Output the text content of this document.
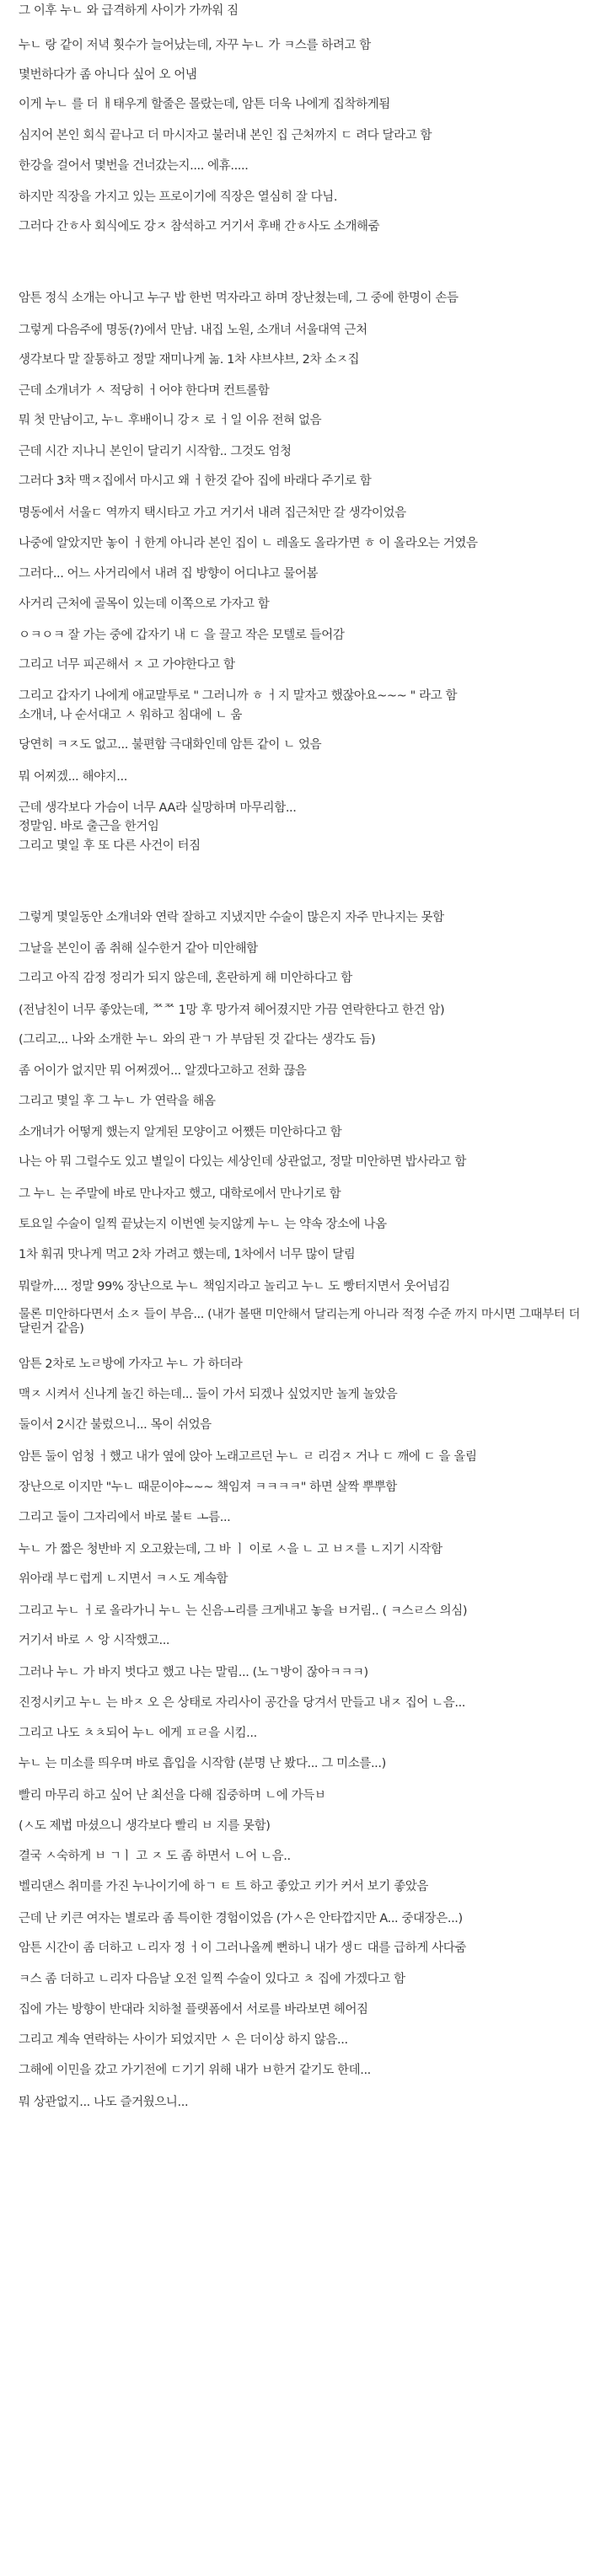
그 이후 누ㄴ 와 급격하게 사이가 가까워 짐
누ㄴ 랑 같이 저녁 횟수가 늘어났는데, 자꾸 누ㄴ 가 ㅋ스를 하려고 함
몇번하다가 좀 아니다 싶어 오 어냄
이게 누ㄴ 를 더 ㅐ태우게 할줄은 몰랐는데, 암튼 더욱 나에게 집착하게됨
심지어 본인 회식 끝나고 더 마시자고 불러내 본인 집 근처까지 ㄷ 려다 달라고 함
한강을 걸어서 몇번을 건너갔는지.... 에휴.....
하지만 직장을 가지고 있는 프로이기에 직장은 열심히 잘 다님.
그러다 간ㅎ사 회식에도 강ㅈ 참석하고 거기서 후배 간ㅎ사도 소개해줌
암튼 정식 소개는 아니고 누구 밥 한번 먹자라고 하며 장난쳤는데, 그 중에 한명이 손듬
그렇게 다음주에 명동(?)에서 만남. 내집 노원, 소개녀 서울대역 근처
생각보다 말 잘통하고 정말 재미나게 놂. 1차 샤브샤브, 2차 소ㅈ집
근데 소개녀가 ㅅ 적당히 ㅓ어야 한다며 컨트롤함
뭐 첫 만남이고, 누ㄴ 후배이니 강ㅈ 로 ㅓ일 이유 전혀 없음
근데 시간 지나니 본인이 달리기 시작함.. 그것도 엄청
그러다 3차 맥ㅈ집에서 마시고 왜 ㅓ한것 같아 집에 바래다 주기로 함
명동에서 서울ㄷ 역까지 택시타고 가고 거기서 내려 집근처만 갈 생각이었음
나중에 알았지만 놓이 ㅓ한게 아니라 본인 집이 ㄴ 레올도 올라가면 ㅎ 이 올라오는 거였음
그러다... 어느 사거리에서 내려 집 방향이 어디냐고 물어봄
사거리 근처에 골목이 있는데 이쪽으로 가자고 함
ㅇㅋㅇㅋ 잘 가는 중에 갑자기 내 ㄷ 을 끌고 작은 모텔로 들어감
그리고 너무 피곤해서 ㅈ 고 가야한다고 함
그리고 갑자기 나에게 애교말투로 " 그러니까 ㅎ ㅓ지 말자고 했잖아요~~~ " 라고 함
소개녀, 나 순서대고 ㅅ 워하고 침대에 ㄴ 움
당연히 ㅋㅈ도 없고... 불편함 극대화인데 암튼 같이 ㄴ 었음
뭐 어찌겠... 해야지...
근데 생각보다 가슴이 너무 AA라 실망하며 마무리함...
정말임. 바로 출근을 한거임
그리고 몇일 후 또 다른 사건이 터짐
그렇게 몇일동안 소개녀와 연락 잘하고 지냈지만 수술이 많은지 자주 만나지는 못함
그날을 본인이 좀 취해 실수한거 같아 미안해함
그리고 아직 감정 정리가 되지 않은데, 혼란하게 해 미안하다고 함
(전남친이 너무 좋았는데, ᄍᄍ 1망 후 망가져 헤어졌지만 가끔 연락한다고 한건 암)
(그리고... 나와 소개한 누ㄴ 와의 관ㄱ 가 부담된 것 같다는 생각도 듬)
좀 어이가 없지만 뭐 어쩌겠어... 알겠다고하고 전화 끊음
그리고 몇일 후 그 누ㄴ 가 연락을 해옴
소개녀가 어떻게 했는지 알게된 모양이고 어쨌든 미안하다고 함
나는 아 뭐 그럴수도 있고 별일이 다있는 세상인데 상관없고, 정말 미안하면 밥사라고 함
그 누ㄴ 는 주말에 바로 만나자고 했고, 대학로에서 만나기로 함
토요일 수술이 일찍 끝났는지 이번엔 늦지않게 누ㄴ 는 약속 장소에 나옴
1차 훠궈 맛나게 먹고 2차 가려고 했는데, 1차에서 너무 많이 달림
뭐랄까.... 정말 99% 장난으로 누ㄴ 책임지라고 놀리고 누ㄴ 도 빵터지면서 웃어넘김
물론 미안하다면서 소ㅈ 들이 부음... (내가 볼땐 미안해서 달리는게 아니라 적정 수준 까지 마시면 그때부터 더 달린거 같음)
암튼 2차로 노ㄹ방에 가자고 누ㄴ 가 하더라
맥ㅈ 시켜서 신나게 놀긴 하는데... 둘이 가서 되겠나 싶었지만 놀게 놀았음
둘이서 2시간 불렀으니... 목이 쉬었음
암튼 둘이 엄청 ㅓ했고 내가 옆에 앉아 노래고르던 누ㄴ ㄹ 리검ㅈ 거나 ㄷ 깨에 ㄷ 을 올림
장난으로 이지만 "누ㄴ 때문이야~~~ 책임져 ㅋㅋㅋㅋ" 하면 살짝 뿌뿌함
그리고 둘이 그자리에서 바로 불ㅌ ㅗ름...
누ㄴ 가 짧은 청반바 지 오고왔는데, 그 바 ㅣ 이로 ㅅ을 ㄴ 고 ㅂㅈ를 ㄴ지기 시작함
위아래 부ㄷ럽게 ㄴ지면서 ㅋㅅ도 계속함
그리고 누ㄴ ㅓ로 올라가니 누ㄴ 는 신음ㅗ리를 크게내고 놓을 ㅂ거림.. ( ㅋ스ㄹ스 의심)
거기서 바로 ㅅ 앙 시작했고...
그러나 누ㄴ 가 바지 벗다고 했고 나는 말림... (노ㄱ방이 잖아ㅋㅋㅋ)
진정시키고 누ㄴ 는 바ㅈ 오 은 상태로 자리사이 공간을 당겨서 만들고 내ㅈ 집어 ㄴ음...
그리고 나도 ㅊㅊ되어 누ㄴ 에게 ㅍㄹ을 시킴...
누ㄴ 는 미소를 띄우며 바로 흡입을 시작함 (분명 난 봤다... 그 미소를...)
빨리 마무리 하고 싶어 난 최선을 다해 집중하며 ㄴ에 가득ㅂ
(ㅅ도 제법 마셨으니 생각보다 빨리 ㅂ 지를 못함)
결국 ㅅ숙하게 ㅂ ㄱㅣ 고 ㅈ 도 좀 하면서 ㄴ어 ㄴ음..
벨리댄스 취미를 가진 누나이기에 하ㄱ ㅌ 트 하고 좋았고 키가 커서 보기 좋았음
근데 난 키큰 여자는 별로라 좀 특이한 경험이었음 (가ㅅ은 안타깝지만 A... 중대장은...)
암튼 시간이 좀 더하고 ㄴ리자 정 ㅓ이 그러나올께 뻔하니 내가 생ㄷ 대를 급하게 사다줌
ㅋ스 좀 더하고 ㄴ리자 다음날 오전 일찍 수술이 있다고 ㅊ 집에 가겠다고 함
집에 가는 방향이 반대라 치하철 플랫폼에서 서로를 바라보면 헤어짐
그리고 계속 연락하는 사이가 되었지만 ㅅ 은 더이상 하지 않음...
그해에 이민을 갔고 가기전에 ㄷ기기 위해 내가 ㅂ한거 같기도 한데...
뭐 상관없지... 나도 즐거웠으니...
